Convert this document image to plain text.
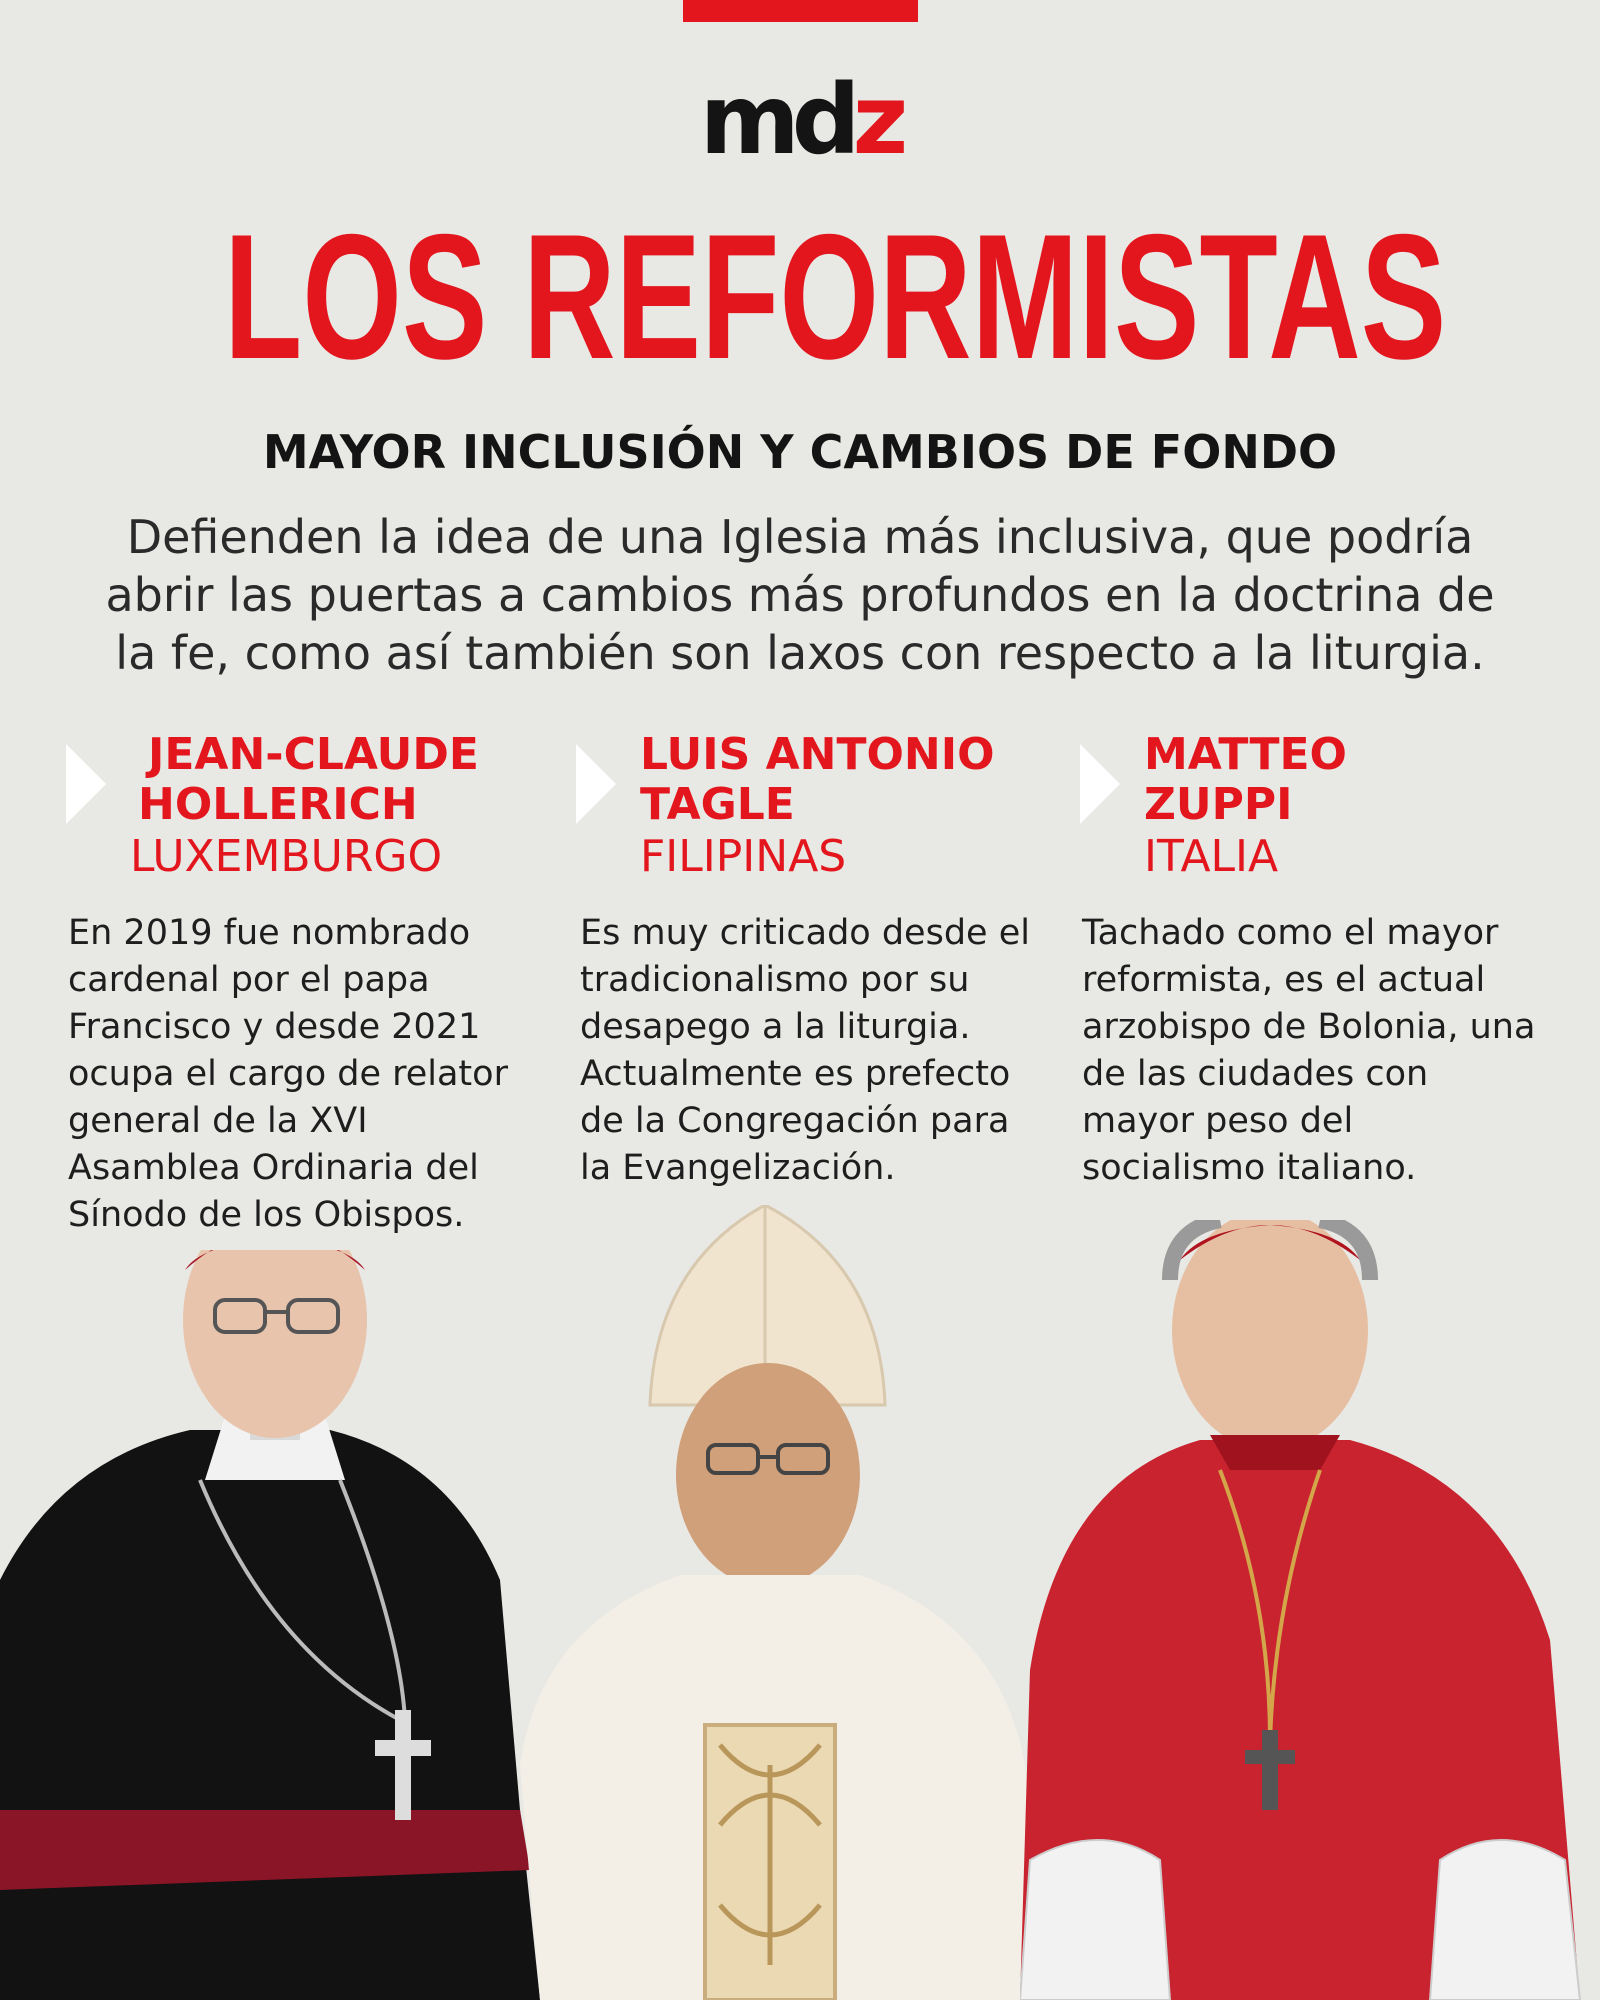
mdz
LOS REFORMISTAS
MAYOR INCLUSIÓN Y CAMBIOS DE FONDO
Defienden la idea de una Iglesia más inclusiva, que podría
abrir las puertas a cambios más profundos en la doctrina de
la fe, como así también son laxos con respecto a la liturgia.
JEAN-CLAUDE
HOLLERICH
LUXEMBURGO
En 2019 fue nombrado
cardenal por el papa
Francisco y desde 2021
ocupa el cargo de relator
general de la XVI
Asamblea Ordinaria del
Sínodo de los Obispos.
LUIS ANTONIO
TAGLE
FILIPINAS
Es muy criticado desde el
tradicionalismo por su
desapego a la liturgia.
Actualmente es prefecto
de la Congregación para
la Evangelización.
MATTEO
ZUPPI
ITALIA
Tachado como el mayor
reformista, es el actual
arzobispo de Bolonia, una
de las ciudades con
mayor peso del
socialismo italiano.
